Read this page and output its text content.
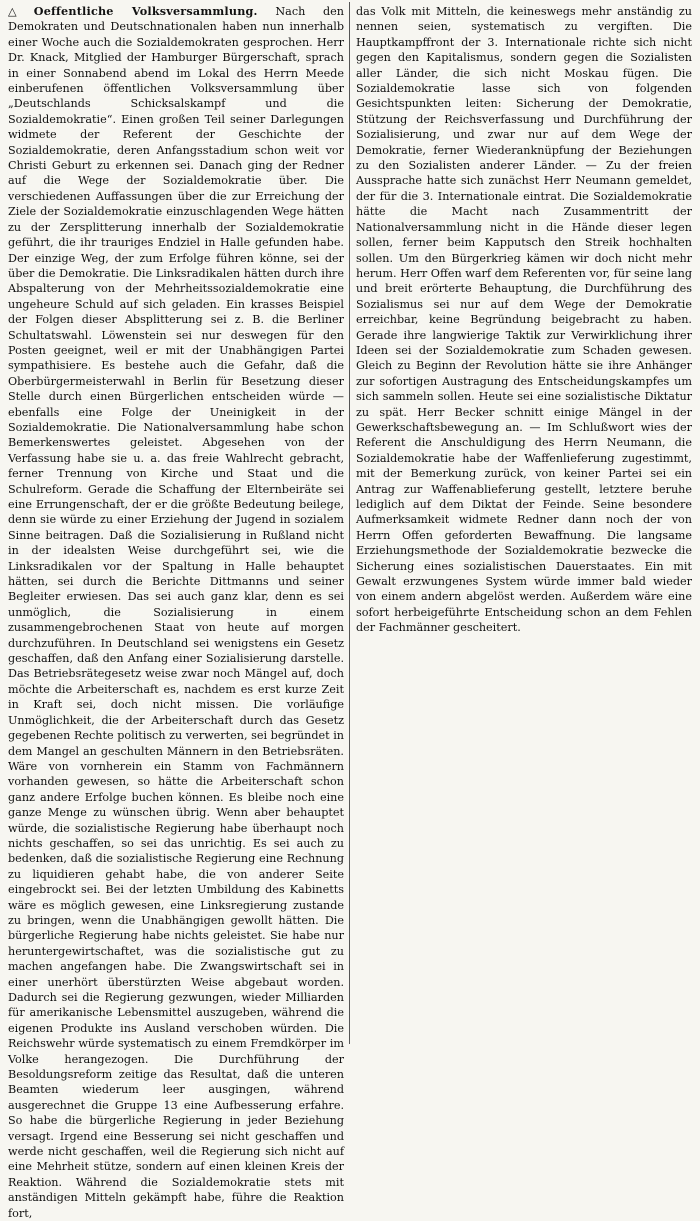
△ Oeffentliche Volksversammlung. Nach den Demokraten und Deutschnationalen haben nun innerhalb einer Woche auch die Sozialdemokraten gesprochen. Herr Dr. Knack, Mitglied der Hamburger Bürgerschaft, sprach in einer Sonnabend abend im Lokal des Herrn Meede einberufenen öffentlichen Volksversammlung über „Deutschlands Schicksalskampf und die Sozialdemokratie“. Einen großen Teil seiner Darlegungen widmete der Referent der Geschichte der Sozialdemokratie, deren Anfangsstadium schon weit vor Christi Geburt zu erkennen sei. Danach ging der Redner auf die Wege der Sozialdemokratie über. Die verschiedenen Auffassungen über die zur Erreichung der Ziele der Sozialdemokratie einzuschlagenden Wege hätten zu der Zersplitterung innerhalb der Sozialdemokratie geführt, die ihr trauriges Endziel in Halle gefunden habe. Der einzige Weg, der zum Erfolge führen könne, sei der über die Demokratie. Die Linksradikalen hätten durch ihre Abspalterung von der Mehrheitssozialdemokratie eine ungeheure Schuld auf sich geladen. Ein krasses Beispiel der Folgen dieser Absplitterung sei z. B. die Berliner Schultatswahl. Löwenstein sei nur deswegen für den Posten geeignet, weil er mit der Unabhängigen Partei sympathisiere. Es bestehe auch die Gefahr, daß die Oberbürgermeisterwahl in Berlin für Besetzung dieser Stelle durch einen Bürgerlichen entscheiden würde — ebenfalls eine Folge der Uneinigkeit in der Sozialdemokratie. Die Nationalversammlung habe schon Bemerkenswertes geleistet. Abgesehen von der Verfassung habe sie u. a. das freie Wahlrecht gebracht, ferner Trennung von Kirche und Staat und die Schulreform. Gerade die Schaffung der Elternbeiräte sei eine Errungenschaft, der er die größte Bedeutung beilege, denn sie würde zu einer Erziehung der Jugend in sozialem Sinne beitragen. Daß die Sozialisierung in Rußland nicht in der idealsten Weise durchgeführt sei, wie die Linksradikalen vor der Spaltung in Halle behauptet hätten, sei durch die Berichte Dittmanns und seiner Begleiter erwiesen. Das sei auch ganz klar, denn es sei unmöglich, die Sozialisierung in einem zusammengebrochenen Staat von heute auf morgen durchzuführen. In Deutschland sei wenigstens ein Gesetz geschaffen, daß den Anfang einer Sozialisierung darstelle. Das Betriebsrätegesetz weise zwar noch Mängel auf, doch möchte die Arbeiterschaft es, nachdem es erst kurze Zeit in Kraft sei, doch nicht missen. Die vorläufige Unmöglichkeit, die der Arbeiterschaft durch das Gesetz gegebenen Rechte politisch zu verwerten, sei begründet in dem Mangel an geschulten Männern in den Betriebsräten. Wäre von vornherein ein Stamm von Fachmännern vorhanden gewesen, so hätte die Arbeiterschaft schon ganz andere Erfolge buchen können. Es bleibe noch eine ganze Menge zu wünschen übrig. Wenn aber behauptet würde, die sozialistische Regierung habe überhaupt noch nichts geschaffen, so sei das unrichtig. Es sei auch zu bedenken, daß die sozialistische Regierung eine Rechnung zu liquidieren gehabt habe, die von anderer Seite eingebrockt sei. Bei der letzten Umbildung des Kabinetts wäre es möglich gewesen, eine Linksregierung zustande zu bringen, wenn die Unabhängigen gewollt hätten. Die bürgerliche Regierung habe nichts geleistet. Sie habe nur heruntergewirtschaftet, was die sozialistische gut zu machen angefangen habe. Die Zwangswirtschaft sei in einer unerhört überstürzten Weise abgebaut worden. Dadurch sei die Regierung gezwungen, wieder Milliarden für amerikanische Lebensmittel auszugeben, während die eigenen Produkte ins Ausland verschoben würden. Die Reichswehr würde systematisch zu einem Fremdkörper im Volke herangezogen. Die Durchführung der Besoldungsreform zeitige das Resultat, daß die unteren Beamten wiederum leer ausgingen, während ausgerechnet die Gruppe 13 eine Aufbesserung erfahre. So habe die bürgerliche Regierung in jeder Beziehung versagt. Irgend eine Besserung sei nicht geschaffen und werde nicht geschaffen, weil die Regierung sich nicht auf eine Mehrheit stütze, sondern auf einen kleinen Kreis der Reaktion. Während die Sozialdemokratie stets mit anständigen Mitteln gekämpft habe, führe die Reaktion fort,

das Volk mit Mitteln, die keineswegs mehr anständig zu nennen seien, systematisch zu vergiften. Die Hauptkampffront der 3. Internationale richte sich nicht gegen den Kapitalismus, sondern gegen die Sozialisten aller Länder, die sich nicht Moskau fügen. Die Sozialdemokratie lasse sich von folgenden Gesichtspunkten leiten: Sicherung der Demokratie, Stützung der Reichsverfassung und Durchführung der Sozialisierung, und zwar nur auf dem Wege der Demokratie, ferner Wiederanknüpfung der Beziehungen zu den Sozialisten anderer Länder. — Zu der freien Aussprache hatte sich zunächst Herr Neumann gemeldet, der für die 3. Internationale eintrat. Die Sozialdemokratie hätte die Macht nach Zusammentritt der Nationalversammlung nicht in die Hände dieser legen sollen, ferner beim Kapputsch den Streik hochhalten sollen. Um den Bürgerkrieg kämen wir doch nicht mehr herum. Herr Offen warf dem Referenten vor, für seine lang und breit erörterte Behauptung, die Durchführung des Sozialismus sei nur auf dem Wege der Demokratie erreichbar, keine Begründung beigebracht zu haben. Gerade ihre langwierige Taktik zur Verwirklichung ihrer Ideen sei der Sozialdemokratie zum Schaden gewesen. Gleich zu Beginn der Revolution hätte sie ihre Anhänger zur sofortigen Austragung des Entscheidungskampfes um sich sammeln sollen. Heute sei eine sozialistische Diktatur zu spät. Herr Becker schnitt einige Mängel in der Gewerkschaftsbewegung an. — Im Schlußwort wies der Referent die Anschuldigung des Herrn Neumann, die Sozialdemokratie habe der Waffenlieferung zugestimmt, mit der Bemerkung zurück, von keiner Partei sei ein Antrag zur Waffenablieferung gestellt, letztere beruhe lediglich auf dem Diktat der Feinde. Seine besondere Aufmerksamkeit widmete Redner dann noch der von Herrn Offen geforderten Bewaffnung. Die langsame Erziehungsmethode der Sozialdemokratie bezwecke die Sicherung eines sozialistischen Dauerstaates. Ein mit Gewalt erzwungenes System würde immer bald wieder von einem andern abgelöst werden. Außerdem wäre eine sofort herbeigeführte Entscheidung schon an dem Fehlen der Fachmänner gescheitert.
